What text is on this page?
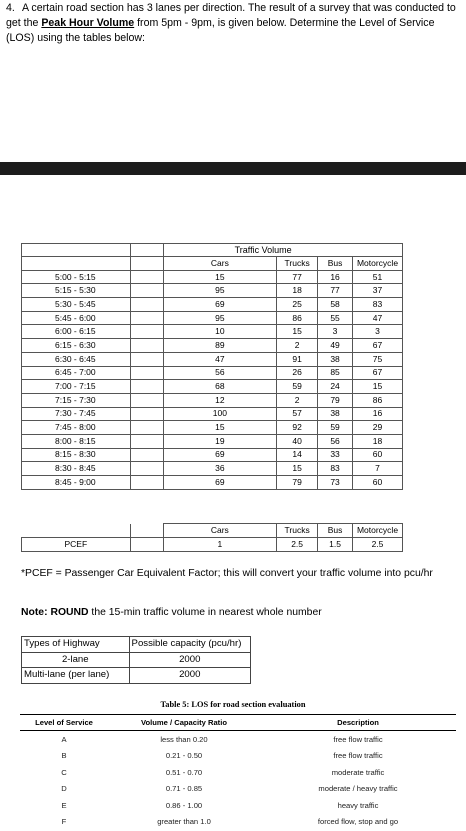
4. A certain road section has 3 lanes per direction. The result of a survey that was conducted to get the Peak Hour Volume from 5pm - 9pm, is given below. Determine the Level of Service (LOS) using the tables below:
		Traffic Volume			
		Cars	Trucks	Bus	Motorcycle
5:00 - 5:15		15	77	16	51
5:15 - 5:30		95	18	77	37
5:30 - 5:45		69	25	58	83
5:45 - 6:00		95	86	55	47
6:00 - 6:15		10	15	3	3
6:15 - 6:30		89	2	49	67
6:30 - 6:45		47	91	38	75
6:45 - 7:00		56	26	85	67
7:00 - 7:15		68	59	24	15
7:15 - 7:30		12	2	79	86
7:30 - 7:45		100	57	38	16
7:45 - 8:00		15	92	59	29
8:00 - 8:15		19	40	56	18
8:15 - 8:30		69	14	33	60
8:30 - 8:45		36	15	83	7
8:45 - 9:00		69	79	73	60
		Cars	Trucks	Bus	Motorcycle
PCEF		1	2.5	1.5	2.5
*PCEF = Passenger Car Equivalent Factor; this will convert your traffic volume into pcu/hr
Note: ROUND the 15-min traffic volume in nearest whole number
Types of Highway	Possible capacity (pcu/hr)
2-lane	2000
Multi-lane (per lane)	2000
Table 5: LOS for road section evaluation
Level of Service	Volume / Capacity Ratio	Description
A	less than 0.20	free flow traffic
B	0.21 - 0.50	free flow traffic
C	0.51 - 0.70	moderate traffic
D	0.71 - 0.85	moderate / heavy traffic
E	0.86 - 1.00	heavy traffic
F	greater than 1.0	forced flow, stop and go
